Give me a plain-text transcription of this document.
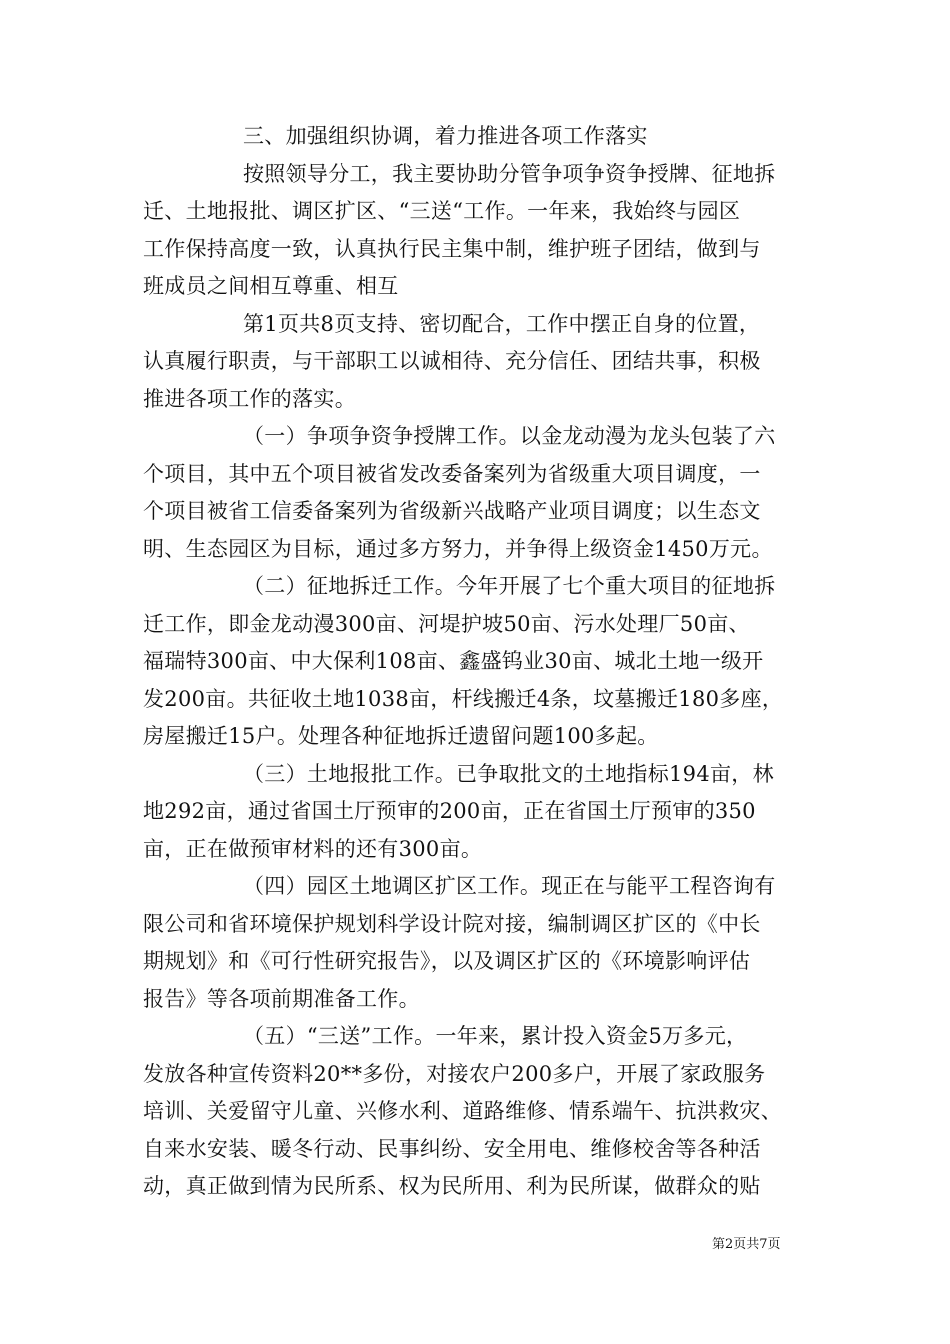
三、加强组织协调，着力推进各项工作落实
按照领导分工，我主要协助分管争项争资争授牌、征地拆
迁、土地报批、调区扩区、“三送“工作。一年来，我始终与园区
工作保持高度一致，认真执行民主集中制，维护班子团结，做到与
班成员之间相互尊重、相互
第1页共8页支持、密切配合，工作中摆正自身的位置，
认真履行职责，与干部职工以诚相待、充分信任、团结共事，积极
推进各项工作的落实。
（一）争项争资争授牌工作。以金龙动漫为龙头包装了六
个项目，其中五个项目被省发改委备案列为省级重大项目调度，一
个项目被省工信委备案列为省级新兴战略产业项目调度；以生态文
明、生态园区为目标，通过多方努力，并争得上级资金1450万元。
（二）征地拆迁工作。今年开展了七个重大项目的征地拆
迁工作，即金龙动漫300亩、河堤护坡50亩、污水处理厂50亩、
福瑞特300亩、中大保利108亩、鑫盛钨业30亩、城北土地一级开
发200亩。共征收土地1038亩，杆线搬迁4条，坟墓搬迁180多座，
房屋搬迁15户。处理各种征地拆迁遗留问题100多起。
（三）土地报批工作。已争取批文的土地指标194亩，林
地292亩，通过省国土厅预审的200亩，正在省国土厅预审的350
亩，正在做预审材料的还有300亩。
（四）园区土地调区扩区工作。现正在与能平工程咨询有
限公司和省环境保护规划科学设计院对接，编制调区扩区的《中长
期规划》和《可行性研究报告》，以及调区扩区的《环境影响评估
报告》等各项前期准备工作。
（五）“三送”工作。一年来，累计投入资金5万多元，
发放各种宣传资料20**多份，对接农户200多户，开展了家政服务
培训、关爱留守儿童、兴修水利、道路维修、情系端午、抗洪救灾、
自来水安装、暖冬行动、民事纠纷、安全用电、维修校舍等各种活
动，真正做到情为民所系、权为民所用、利为民所谋，做群众的贴
第2页共7页
